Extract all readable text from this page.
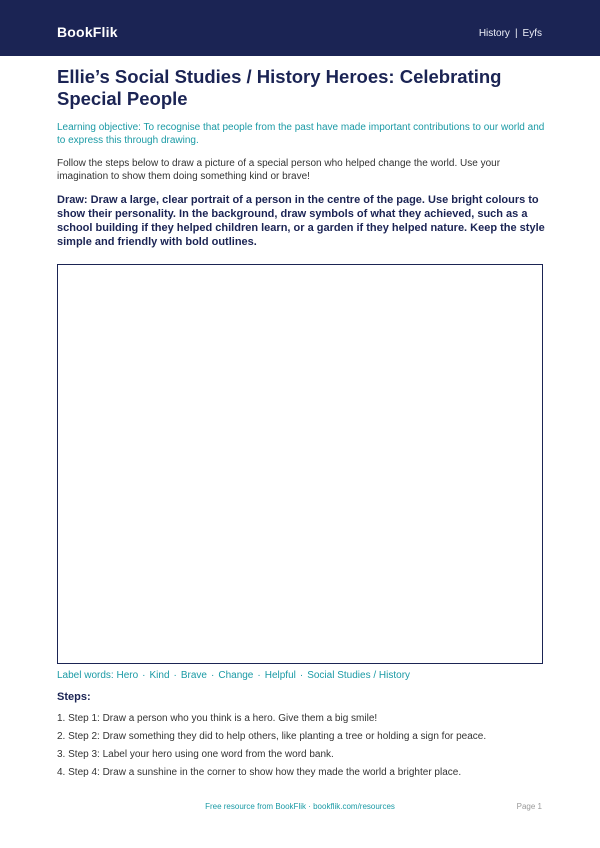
BookFlik	History | Eyfs
Ellie’s Social Studies / History Heroes: Celebrating Special People

Learning objective: To recognise that people from the past have made important contributions to our world and to express this through drawing.

Follow the steps below to draw a picture of a special person who helped change the world. Use your imagination to show them doing something kind or brave!

Draw: Draw a large, clear portrait of a person in the centre of the page. Use bright colours to show their personality. In the background, draw symbols of what they achieved, such as a school building if they helped children learn, or a garden if they helped nature. Keep the style simple and friendly with bold outlines.

Label words: Hero · Kind · Brave · Change · Helpful · Social Studies / History
Steps:
1. Step 1: Draw a person who you think is a hero. Give them a big smile!
2. Step 2: Draw something they did to help others, like planting a tree or holding a sign for peace.
3. Step 3: Label your hero using one word from the word bank.
4. Step 4: Draw a sunshine in the corner to show how they made the world a brighter place.
Free resource from BookFlik · bookflik.com/resources	Page 1
